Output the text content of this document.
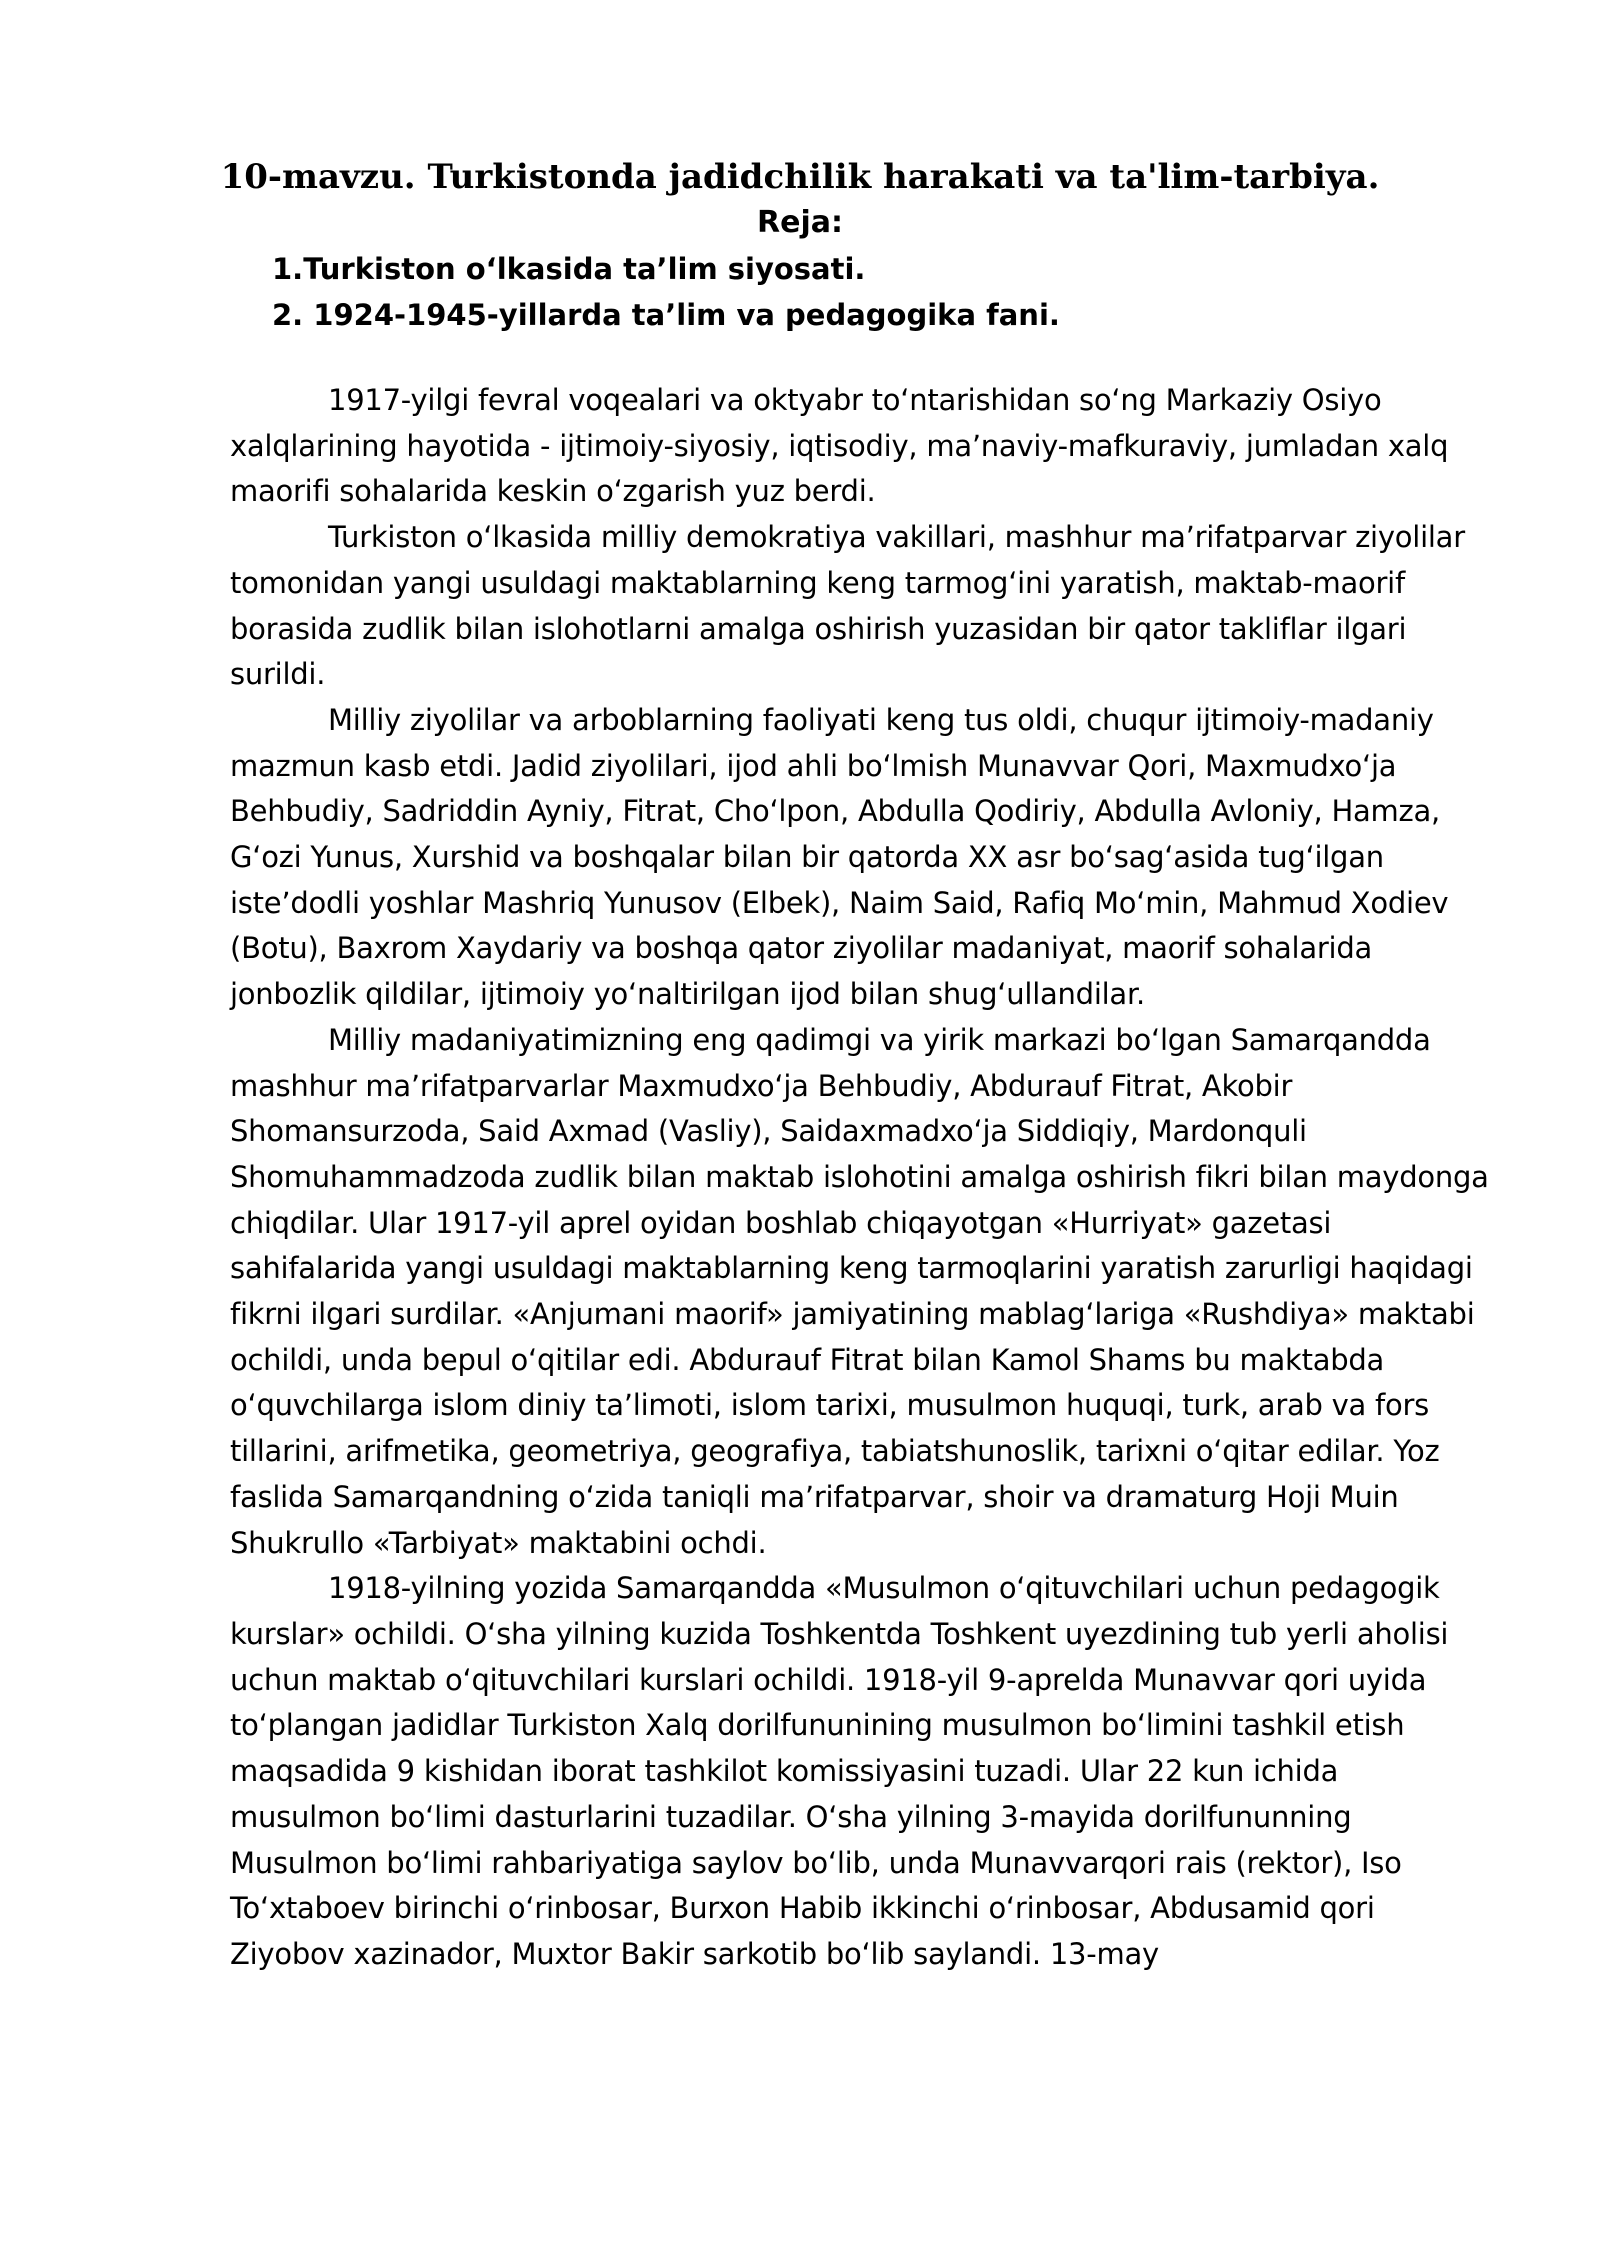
10-mavzu. Turkistonda jadidchilik harakati va ta'lim-tarbiya.
Reja:
1.Turkiston oʻlkasida taʼlim siyosati.
2. 1924-1945-yillarda taʼlim va pedagogika fani.

1917-yilgi fevral voqealari va oktyabr toʻntarishidan soʻng Markaziy Osiyo xalqlarining hayotida - ijtimoiy-siyosiy, iqtisodiy, maʼnaviy-mafkuraviy, jumladan xalq maorifi sohalarida keskin oʻzgarish yuz berdi.

Turkiston oʻlkasida milliy demokratiya vakillari, mashhur maʼrifatparvar ziyolilar tomonidan yangi usuldagi maktablarning keng tarmogʻini yaratish, maktab-maorif borasida zudlik bilan islohotlarni amalga oshirish yuzasidan bir qator takliflar ilgari surildi.

Milliy ziyolilar va arboblarning faoliyati keng tus oldi, chuqur ijtimoiy-madaniy mazmun kasb etdi. Jadid ziyolilari, ijod ahli boʻlmish Munavvar Qori, Maxmudxoʻja Behbudiy, Sadriddin Ayniy, Fitrat, Choʻlpon, Abdulla Qodiriy, Abdulla Avloniy, Hamza, Gʻozi Yunus, Xurshid va boshqalar bilan bir qatorda XX asr boʻsagʻasida tugʻilgan isteʼdodli yoshlar Mashriq Yunusov (Elbek), Naim Said, Rafiq Moʻmin, Mahmud Xodiev (Botu), Baxrom Xaydariy va boshqa qator ziyolilar madaniyat, maorif sohalarida jonbozlik qildilar, ijtimoiy yoʻnaltirilgan ijod bilan shugʻullandilar.

Milliy madaniyatimizning eng qadimgi va yirik markazi boʻlgan Samarqandda mashhur maʼrifatparvarlar Maxmudxoʻja Behbudiy, Abdurauf Fitrat, Akobir Shomansurzoda, Said Axmad (Vasliy), Saidaxmadxoʻja Siddiqiy, Mardonquli Shomuhammadzoda zudlik bilan maktab islohotini amalga oshirish fikri bilan maydonga chiqdilar. Ular 1917-yil aprel oyidan boshlab chiqayotgan «Hurriyat» gazetasi sahifalarida yangi usuldagi maktablarning keng tarmoqlarini yaratish zarurligi haqidagi fikrni ilgari surdilar. «Anjumani maorif» jamiyatining mablagʻlariga «Rushdiya» maktabi ochildi, unda bepul oʻqitilar edi. Abdurauf Fitrat bilan Kamol Shams bu maktabda oʻquvchilarga islom diniy taʼlimoti, islom tarixi, musulmon huquqi, turk, arab va fors tillarini, arifmetika, geometriya, geografiya, tabiatshunoslik, tarixni oʻqitar edilar. Yoz faslida Samarqandning oʻzida taniqli maʼrifatparvar, shoir va dramaturg Hoji Muin Shukrullo «Tarbiyat» maktabini ochdi.

1918-yilning yozida Samarqandda «Musulmon oʻqituvchilari uchun pedagogik kurslar» ochildi. Oʻsha yilning kuzida Toshkentda Toshkent uyezdining tub yerli aholisi uchun maktab oʻqituvchilari kurslari ochildi. 1918-yil 9-aprelda Munavvar qori uyida toʻplangan jadidlar Turkiston Xalq dorilfununining musulmon boʻlimini tashkil etish maqsadida 9 kishidan iborat tashkilot komissiyasini tuzadi. Ular 22 kun ichida musulmon boʻlimi dasturlarini tuzadilar. Oʻsha yilning 3-mayida dorilfununning Musulmon boʻlimi rahbariyatiga saylov boʻlib, unda Munavvarqori rais (rektor), Iso Toʻxtaboev birinchi oʻrinbosar, Burxon Habib ikkinchi oʻrinbosar, Abdusamid qori Ziyobov xazinador, Muxtor Bakir sarkotib boʻlib saylandi. 13-may
